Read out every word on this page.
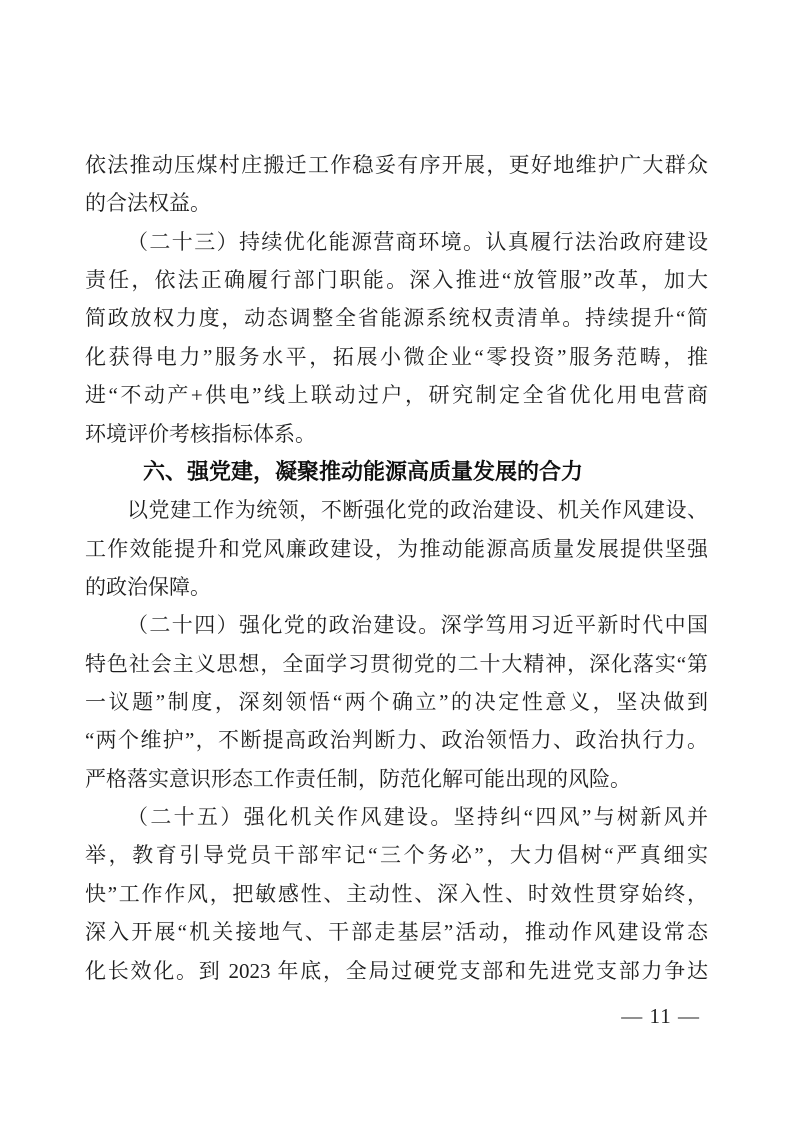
依法推动压煤村庄搬迁工作稳妥有序开展，更好地维护广大群众
的合法权益。
（二十三）持续优化能源营商环境。认真履行法治政府建设
责任，依法正确履行部门职能。深入推进“放管服”改革，加大
简政放权力度，动态调整全省能源系统权责清单。持续提升“简
化获得电力”服务水平，拓展小微企业“零投资”服务范畴，推
进“不动产+供电”线上联动过户，研究制定全省优化用电营商
环境评价考核指标体系。
六、强党建，凝聚推动能源高质量发展的合力
以党建工作为统领，不断强化党的政治建设、机关作风建设、
工作效能提升和党风廉政建设，为推动能源高质量发展提供坚强
的政治保障。
（二十四）强化党的政治建设。深学笃用习近平新时代中国
特色社会主义思想，全面学习贯彻党的二十大精神，深化落实“第
一议题”制度，深刻领悟“两个确立”的决定性意义，坚决做到
“两个维护”，不断提高政治判断力、政治领悟力、政治执行力。
严格落实意识形态工作责任制，防范化解可能出现的风险。
（二十五）强化机关作风建设。坚持纠“四风”与树新风并
举，教育引导党员干部牢记“三个务必”，大力倡树“严真细实
快”工作作风，把敏感性、主动性、深入性、时效性贯穿始终，
深入开展“机关接地气、干部走基层”活动，推动作风建设常态
化长效化。到 2023 年底，全局过硬党支部和先进党支部力争达
— 11 —
